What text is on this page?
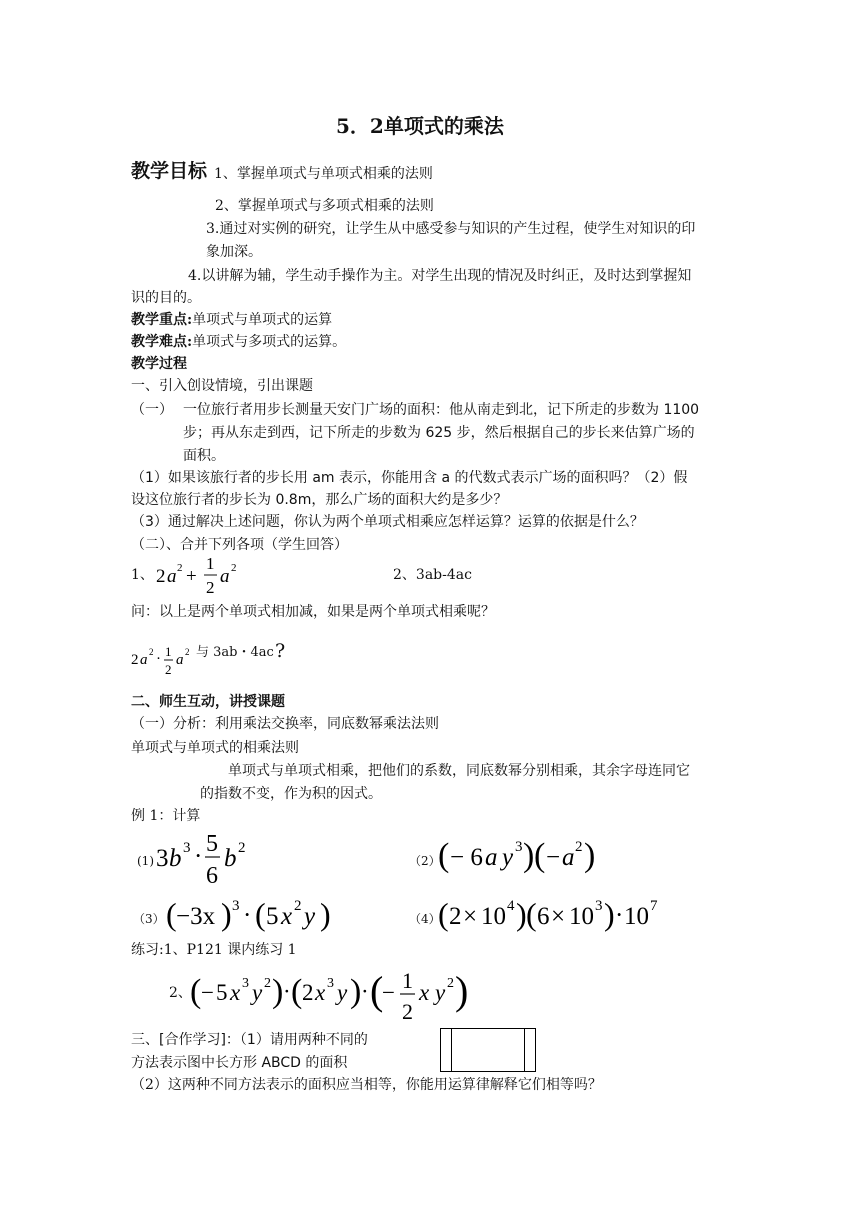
5．2单项式的乘法
教学目标 1、掌握单项式与单项式相乘的法则
2、掌握单项式与多项式相乘的法则
3.通过对实例的研究，让学生从中感受参与知识的产生过程，使学生对知识的印
象加深。
4.以讲解为辅，学生动手操作为主。对学生出现的情况及时纠正，及时达到掌握知
识的目的。
教学重点:单项式与单项式的运算
教学难点:单项式与多项式的运算。
教学过程
一、引入创设情境，引出课题
（一） 一位旅行者用步长测量天安门广场的面积：他从南走到北，记下所走的步数为 1100
步；再从东走到西，记下所走的步数为 625 步，然后根据自己的步长来估算广场的
面积。
（1）如果该旅行者的步长用 am 表示，你能用含 a 的代数式表示广场的面积吗？（2）假
设这位旅行者的步长为 0.8m，那么广场的面积大约是多少？
（3）通过解决上述问题，你认为两个单项式相乘应怎样运算？运算的依据是什么？
（二）、合并下列各项（学生回答）
1、 2 a 2 +
1
2
a 2	2、3ab-4ac
问：以上是两个单项式相加减，如果是两个单项式相乘呢？
2 a 2 · 1
2
a 2 与 3ab・4ac ?
二、师生互动，讲授课题
（一）分析：利用乘法交换率，同底数幂乘法法则
单项式与单项式的相乘法则
单项式与单项式相乘，把他们的系数，同底数幂分别相乘，其余字母连同它
的指数不变，作为积的因式。
例 1：计算
(1) 3 b 3 · 5
6
b 2
（2）
( − 6 a y 3 ) ( − a 2 )
（3） ( −3x ) 3 · ( 5 x 2 y )	（4）
( 2 × 10 4 ) ( 6 × 10 3 ) · 10 7
练习:1、P121 课内练习 1
2、
( − 5 x 3 y 2 ) · ( 2 x 3 y ) · (
− 1
2
x y 2 )
三、[合作学习]：（1）请用两种不同的
方法表示图中长方形 ABCD 的面积
（2）这两种不同方法表示的面积应当相等，你能用运算律解释它们相等吗？
